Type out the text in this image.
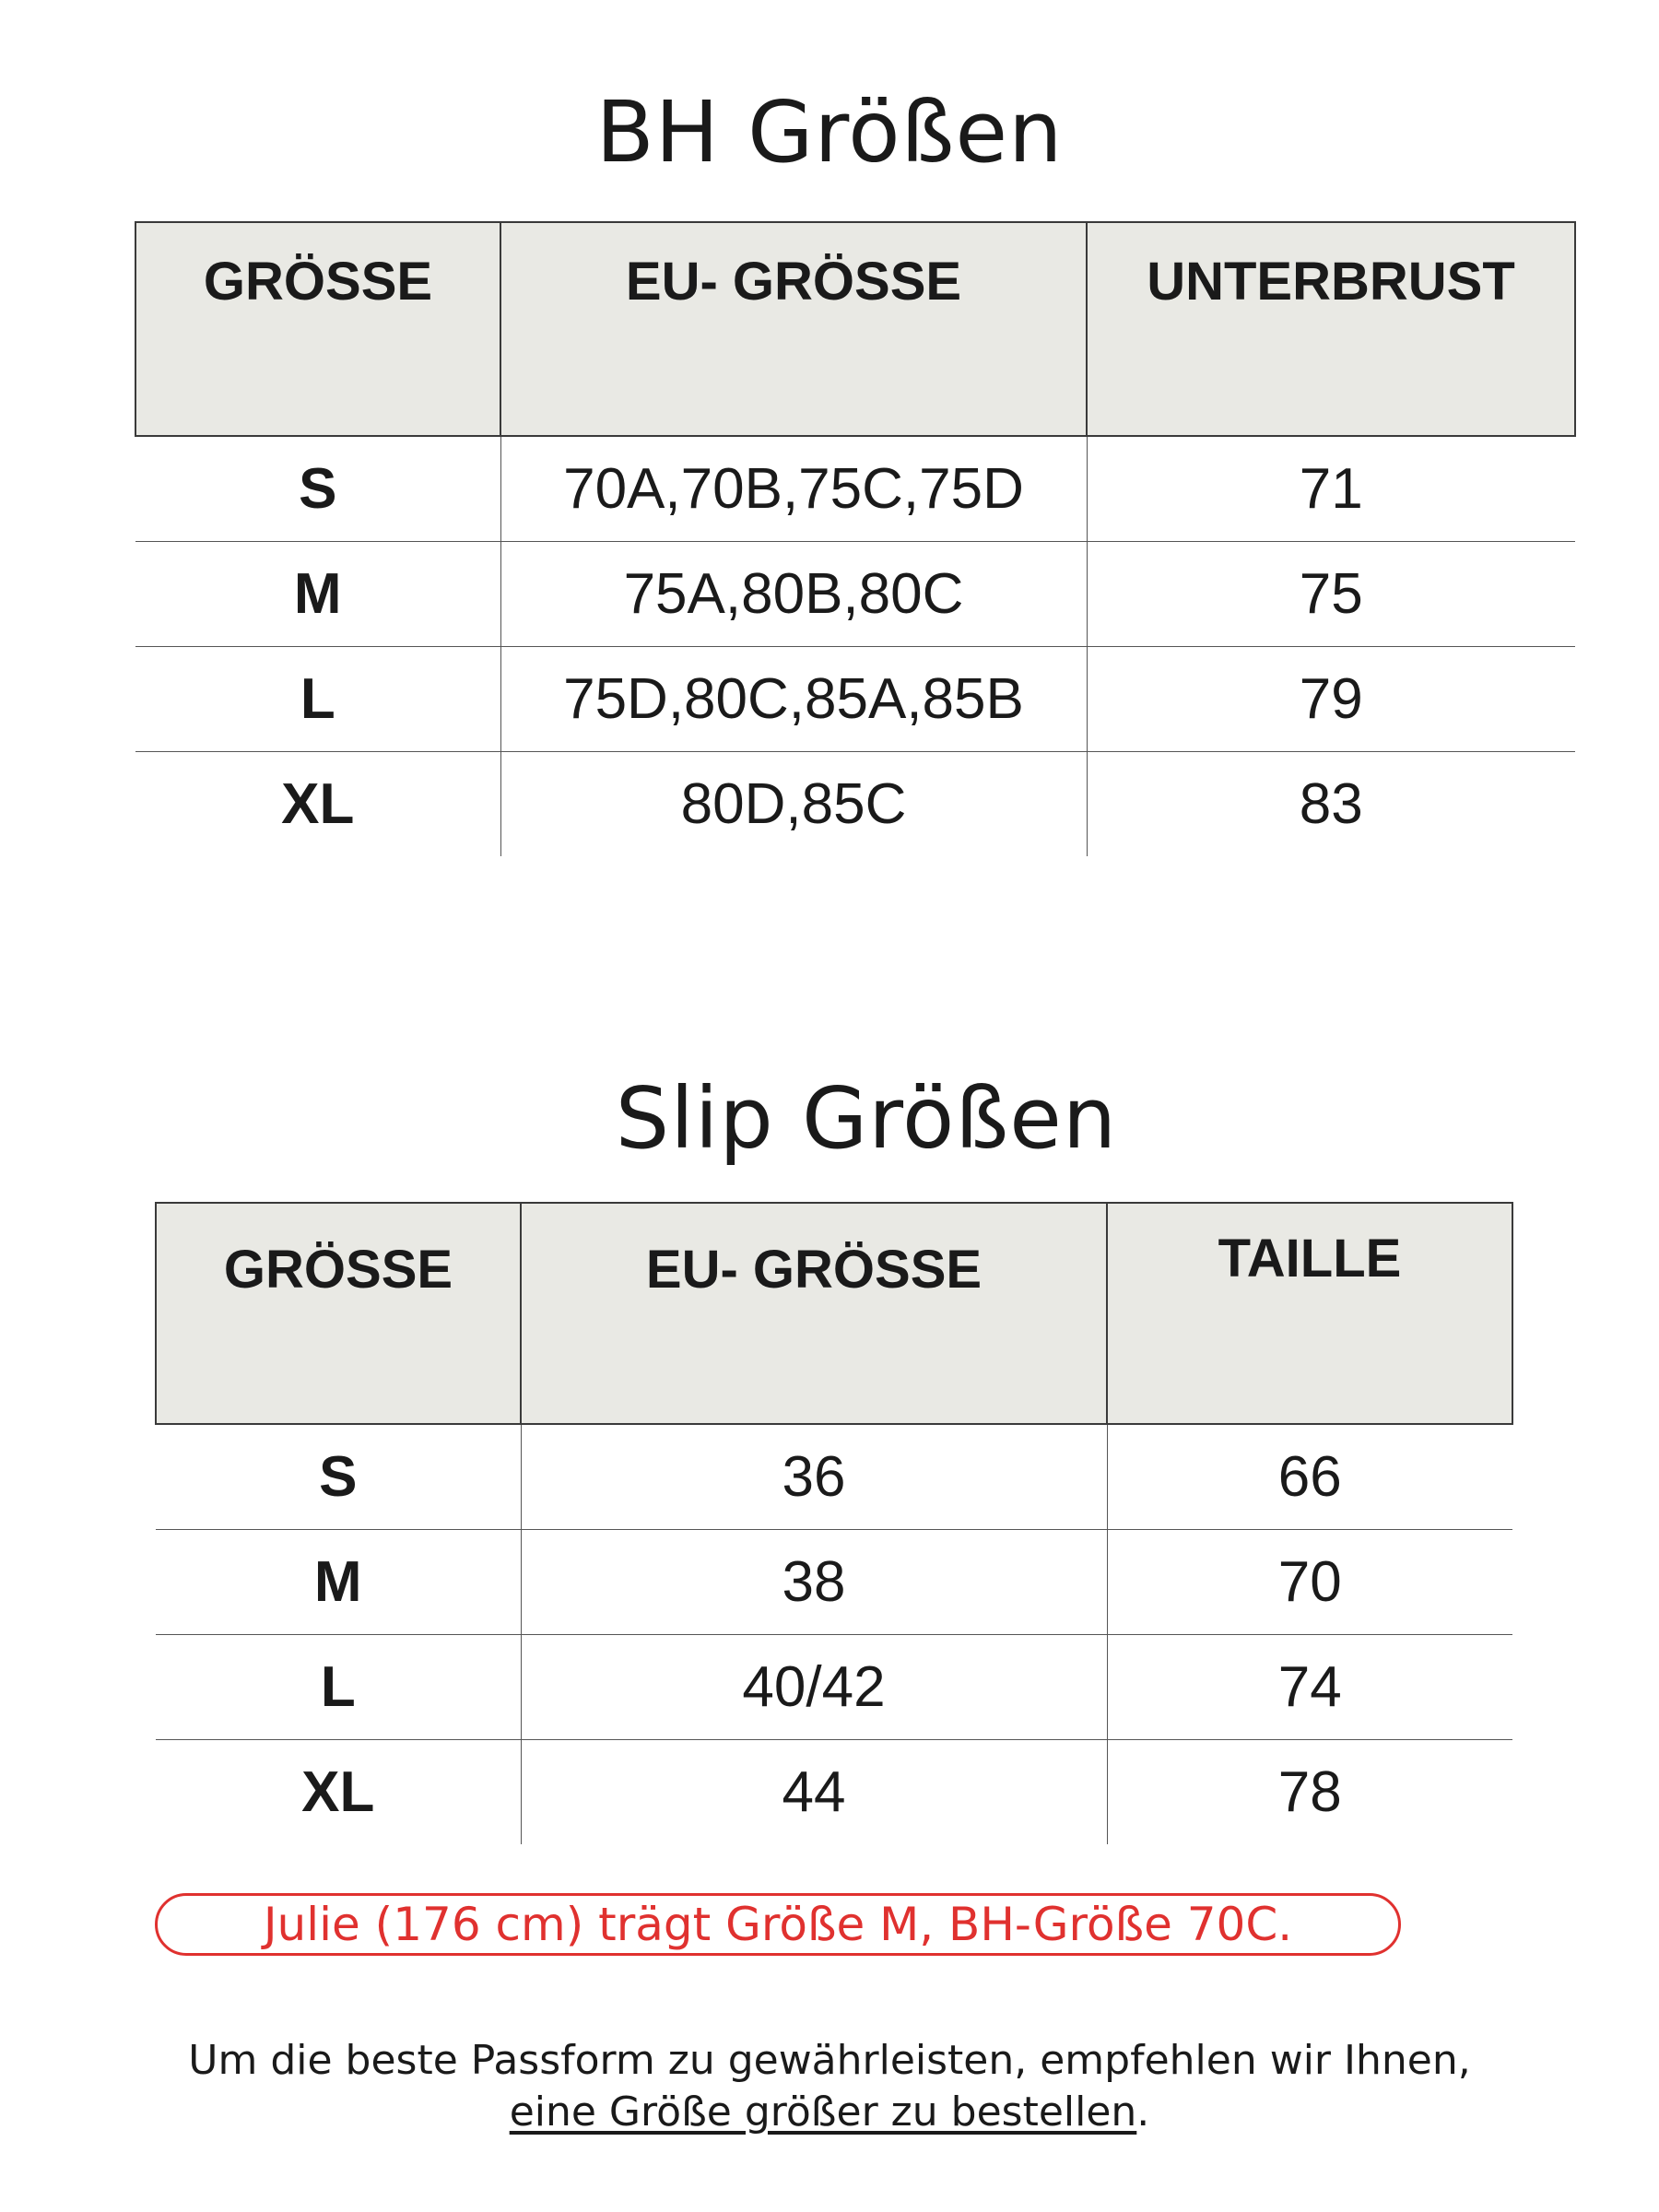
BH Größen
GRÖSSE	EU- GRÖSSE	UNTERBRUST
S	70A,70B,75C,75D	71
M	75A,80B,80C	75
L	75D,80C,85A,85B	79
XL	80D,85C	83
Slip Größen
GRÖSSE	EU- GRÖSSE	TAILLE
S	36	66
M	38	70
L	40/42	74
XL	44	78
Julie (176 cm) trägt Größe M, BH-Größe 70C.
Um die beste Passform zu gewährleisten, empfehlen wir Ihnen,
eine Größe größer zu bestellen.
